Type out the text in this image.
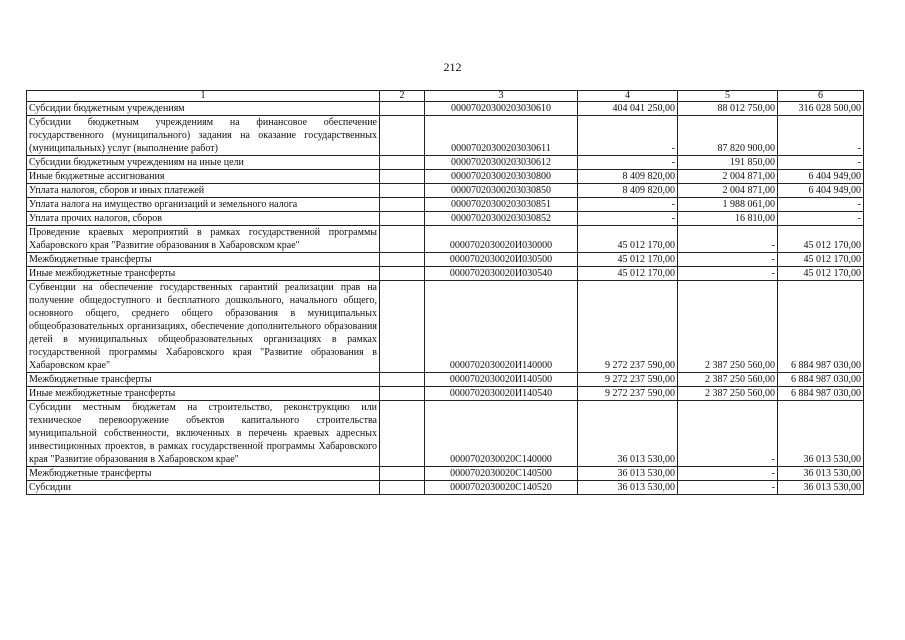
212
1	2	3	4	5	6
Субсидии бюджетным учреждениям		00007020300203030610	404 041 250,00	88 012 750,00	316 028 500,00
Субсидии бюджетным учреждениям на финансовое обеспечение государственного (муниципального) задания на оказание государственных (муниципальных) услуг (выполнение работ)		00007020300203030611	-	87 820 900,00	-
Субсидии бюджетным учреждениям на иные цели		00007020300203030612	-	191 850,00	-
Иные бюджетные ассигнования		00007020300203030800	8 409 820,00	2 004 871,00	6 404 949,00
Уплата налогов, сборов и иных платежей		00007020300203030850	8 409 820,00	2 004 871,00	6 404 949,00
Уплата налога на имущество организаций и земельного налога		00007020300203030851	-	1 988 061,00	-
Уплата прочих налогов, сборов		00007020300203030852	-	16 810,00	-
Проведение краевых мероприятий в рамках государственной программы Хабаровского края "Развитие образования в Хабаровском крае"		0000702030020И030000	45 012 170,00	-	45 012 170,00
Межбюджетные трансферты		0000702030020И030500	45 012 170,00	-	45 012 170,00
Иные межбюджетные трансферты		0000702030020И030540	45 012 170,00	-	45 012 170,00
Субвенции на обеспечение государственных гарантий реализации прав на получение общедоступного и бесплатного дошкольного, начального общего, основного общего, среднего общего образования в муниципальных общеобразовательных организациях, обеспечение дополнительного образования детей в муниципальных общеобразовательных организациях в рамках государственной программы Хабаровского края "Развитие образования в Хабаровском крае"		0000702030020И140000	9 272 237 590,00	2 387 250 560,00	6 884 987 030,00
Межбюджетные трансферты		0000702030020И140500	9 272 237 590,00	2 387 250 560,00	6 884 987 030,00
Иные межбюджетные трансферты		0000702030020И140540	9 272 237 590,00	2 387 250 560,00	6 884 987 030,00
Субсидии местным бюджетам на строительство, реконструкцию или техническое перевооружение объектов капитального строительства муниципальной собственности, включенных в перечень краевых адресных инвестиционных проектов, в рамках государственной программы Хабаровского края "Развитие образования в Хабаровском крае"		0000702030020С140000	36 013 530,00	-	36 013 530,00
Межбюджетные трансферты		0000702030020С140500	36 013 530,00	-	36 013 530,00
Субсидии		0000702030020С140520	36 013 530,00	-	36 013 530,00
